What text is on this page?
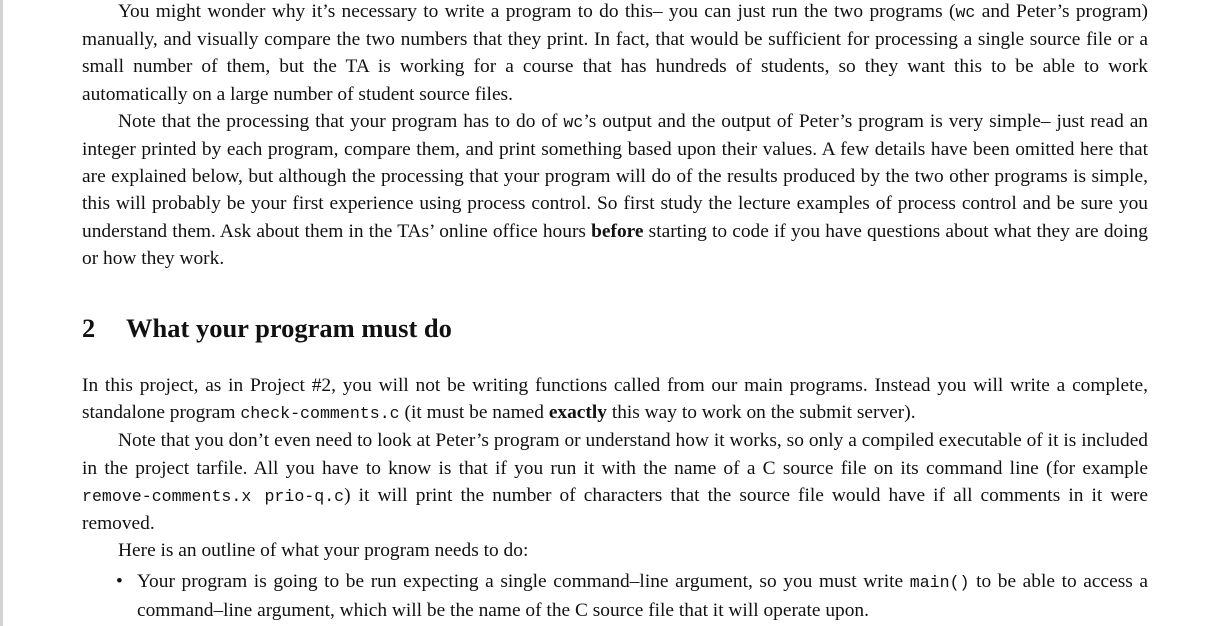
You might wonder why it’s necessary to write a program to do this– you can just run the two programs (wc and Peter’s program) manually, and visually compare the two numbers that they print. In fact, that would be sufficient for processing a single source file or a small number of them, but the TA is working for a course that has hundreds of students, so they want this to be able to work automatically on a large number of student source files.

Note that the processing that your program has to do of wc’s output and the output of Peter’s program is very simple– just read an integer printed by each program, compare them, and print something based upon their values. A few details have been omitted here that are explained below, but although the processing that your program will do of the results produced by the two other programs is simple, this will probably be your first experience using process control. So first study the lecture examples of process control and be sure you understand them. Ask about them in the TAs’ online office hours before starting to code if you have questions about what they are doing or how they work.

2 What your program must do

In this project, as in Project #2, you will not be writing functions called from our main programs. Instead you will write a complete, standalone program check-comments.c (it must be named exactly this way to work on the submit server).

Note that you don’t even need to look at Peter’s program or understand how it works, so only a compiled executable of it is included in the project tarfile. All you have to know is that if you run it with the name of a C source file on its command line (for example remove-comments.x prio-q.c) it will print the number of characters that the source file would have if all comments in it were removed.

Here is an outline of what your program needs to do:

• Your program is going to be run expecting a single command–line argument, so you must write main() to be able to access a command–line argument, which will be the name of the C source file that it will operate upon.
